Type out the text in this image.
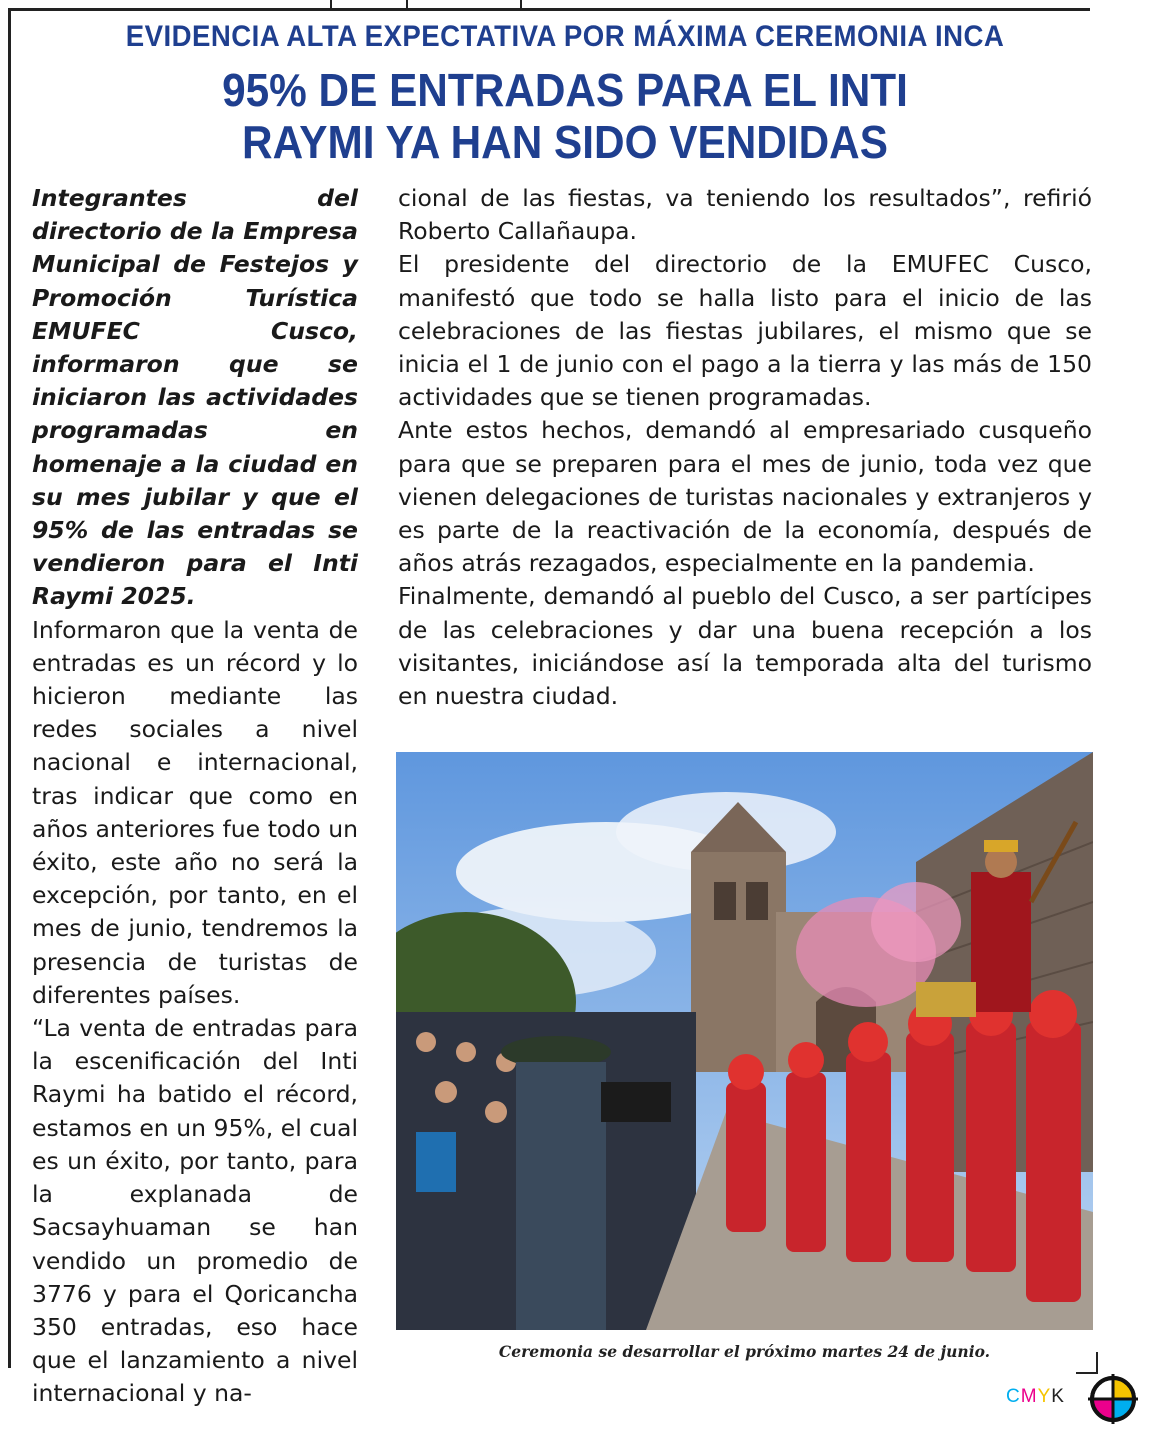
EVIDENCIA ALTA EXPECTATIVA POR MÁXIMA CEREMONIA INCA
95% DE ENTRADAS PARA EL INTI
RAYMI YA HAN SIDO VENDIDAS

Integrantes del directorio de la Empresa Municipal de Festejos y Promoción Turística EMUFEC Cusco, informaron que se iniciaron las actividades programadas en homenaje a la ciudad en su mes jubilar y que el 95% de las entradas se vendieron para el Inti Raymi 2025.

Informaron que la venta de entradas es un récord y lo hicieron mediante las redes sociales a nivel nacional e internacional, tras indicar que como en años anteriores fue todo un éxito, este año no será la excepción, por tanto, en el mes de junio, tendremos la presencia de turistas de diferentes países.

“La venta de entradas para la escenificación del Inti Raymi ha batido el récord, estamos en un 95%, el cual es un éxito, por tanto, para la explanada de Sacsayhuaman se han vendido un promedio de 3776 y para el Qoricancha 350 entradas, eso hace que el lanzamiento a nivel internacional y na-

cional de las fiestas, va teniendo los resultados”, refirió Roberto Callañaupa.

El presidente del directorio de la EMUFEC Cusco, manifestó que todo se halla listo para el inicio de las celebraciones de las fiestas jubilares, el mismo que se inicia el 1 de junio con el pago a la tierra y las más de 150 actividades que se tienen programadas.

Ante estos hechos, demandó al empresariado cusqueño para que se preparen para el mes de junio, toda vez que vienen delegaciones de turistas nacionales y extranjeros y es parte de la reactivación de la economía, después de años atrás rezagados, especialmente en la pandemia.

Finalmente, demandó al pueblo del Cusco, a ser partícipes de las celebraciones y dar una buena recepción a los visitantes, iniciándose así la temporada alta del turismo en nuestra ciudad.

Ceremonia se desarrollar el próximo martes 24 de junio.
CMYK
